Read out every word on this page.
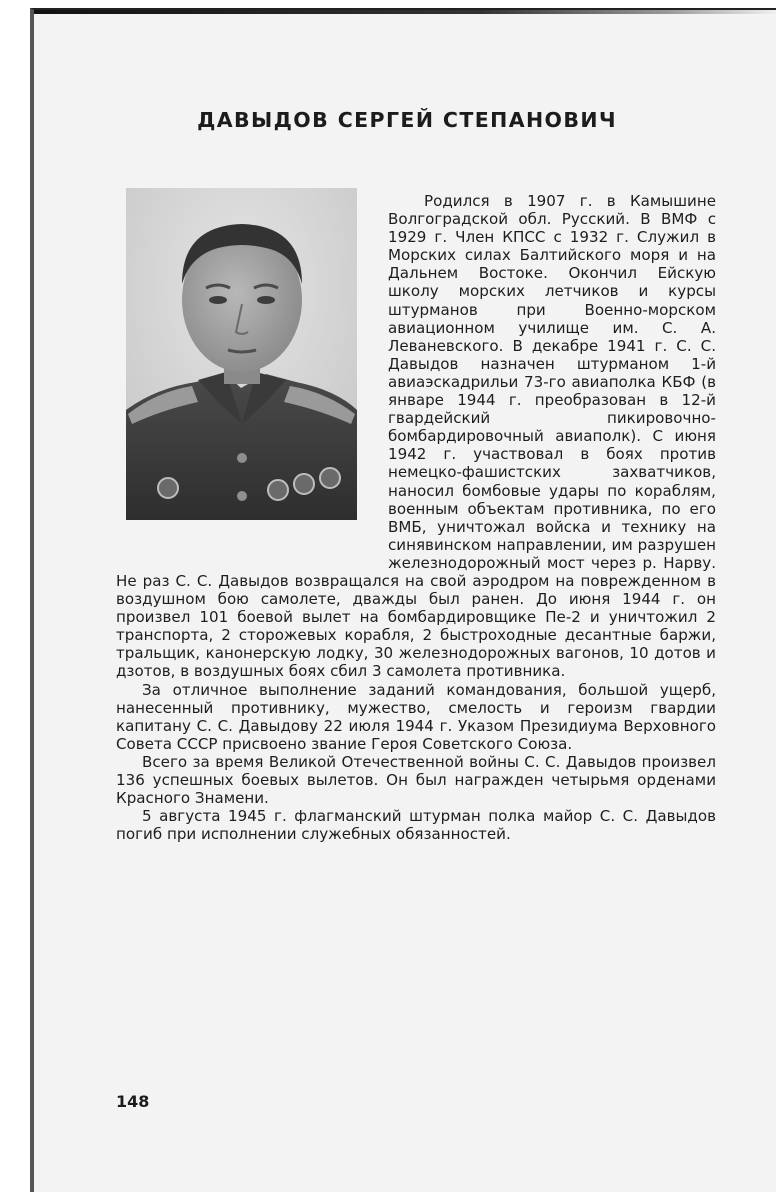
ДАВЫДОВ СЕРГЕЙ СТЕПАНОВИЧ

Родился в 1907 г. в Камышине Волгоградской обл. Русский. В ВМФ с 1929 г. Член КПСС с 1932 г. Служил в Морских силах Балтийского моря и на Дальнем Востоке. Окончил Ейскую школу морских летчиков и курсы штурманов при Военно-морском авиационном училище им. С. А. Леваневского. В декабре 1941 г. С. С. Давыдов назначен штурманом 1-й авиаэскадрильи 73-го авиаполка КБФ (в январе 1944 г. преобразован в 12-й гвардейский пикировочно-бомбардировочный авиаполк). С июня 1942 г. участвовал в боях против немецко-фашистских захватчиков, наносил бомбовые удары по кораблям, военным объектам противника, по его ВМБ, уничтожал войска и технику на синявинском направлении, им разрушен железнодорожный мост через р. Нарву. Не раз С. С. Давыдов возвращался на свой аэродром на поврежденном в воздушном бою самолете, дважды был ранен. До июня 1944 г. он произвел 101 боевой вылет на бомбардировщике Пе-2 и уничтожил 2 транспорта, 2 сторожевых корабля, 2 быстроходные десантные баржи, тральщик, канонерскую лодку, 30 железнодорожных вагонов, 10 дотов и дзотов, в воздушных боях сбил 3 самолета противника.

За отличное выполнение заданий командования, большой ущерб, нанесенный противнику, мужество, смелость и героизм гвардии капитану С. С. Давыдову 22 июля 1944 г. Указом Президиума Верховного Совета СССР присвоено звание Героя Советского Союза.

Всего за время Великой Отечественной войны С. С. Давыдов произвел 136 успешных боевых вылетов. Он был награжден четырьмя орденами Красного Знамени.

5 августа 1945 г. флагманский штурман полка майор С. С. Давыдов погиб при исполнении служебных обязанностей.

148
